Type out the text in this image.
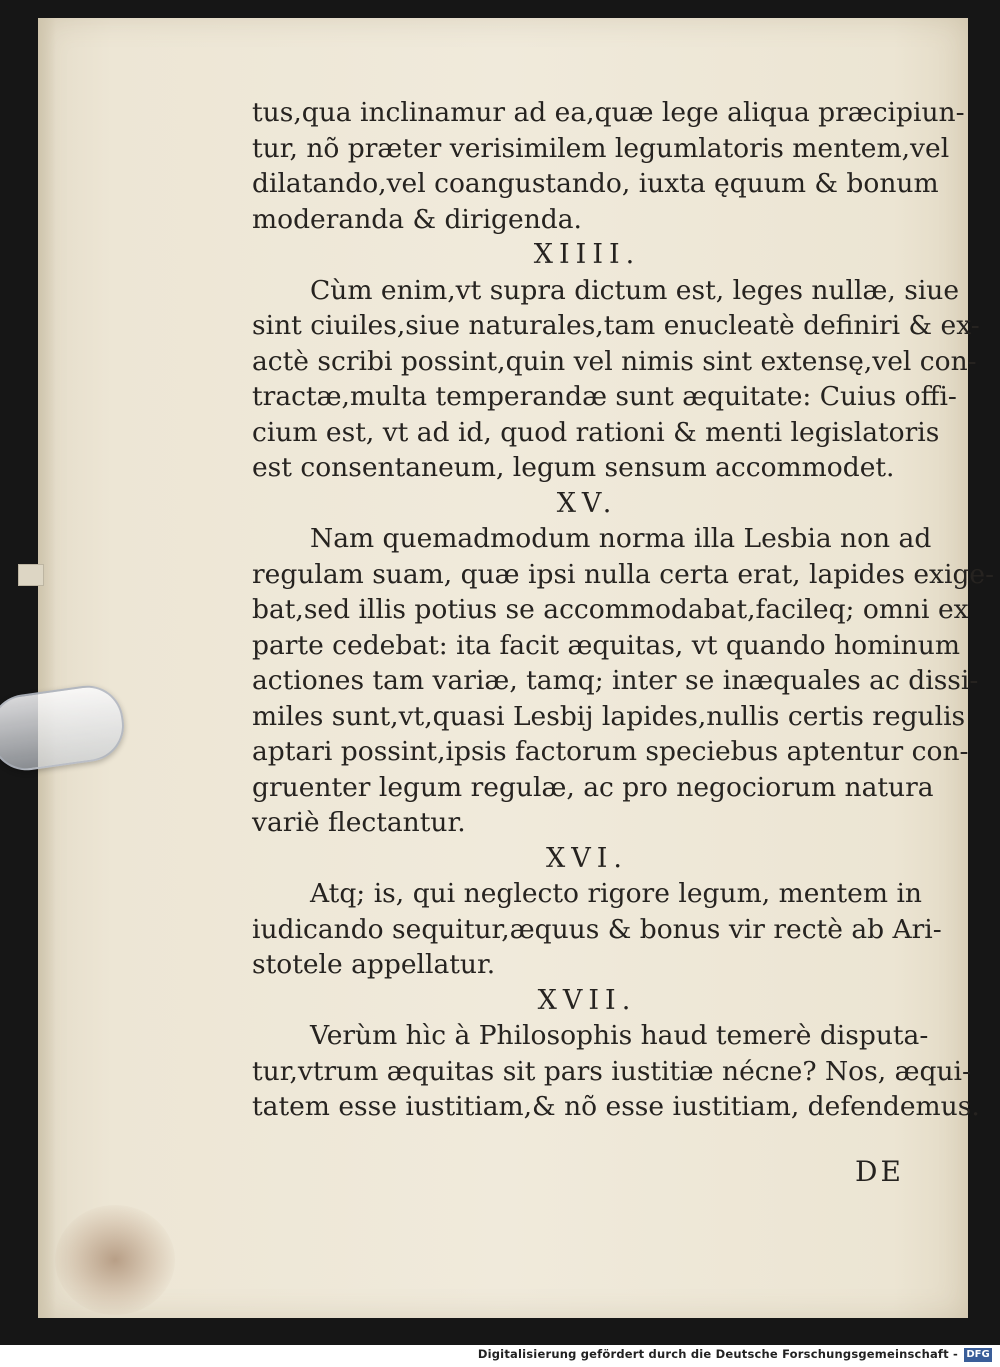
tus,qua inclinamur ad ea,quæ lege aliqua præcipiun-
tur, nõ præter verisimilem legumlatoris mentem,vel
dilatando,vel coangustando, iuxta ęquum & bonum
moderanda & dirigenda.
XIIII.
Cùm enim,vt supra dictum est, leges nullæ, siue
sint ciuiles,siue naturales,tam enucleatè definiri & ex-
actè scribi possint,quin vel nimis sint extensę,vel con-
tractæ,multa temperandæ sunt æquitate: Cuius offi-
cium est, vt ad id, quod rationi & menti legislatoris
est consentaneum, legum sensum accommodet.
XV.
Nam quemadmodum norma illa Lesbia non ad
regulam suam, quæ ipsi nulla certa erat, lapides exige-
bat,sed illis potius se accommodabat,facileq; omni ex
parte cedebat: ita facit æquitas, vt quando hominum
actiones tam variæ, tamq; inter se inæquales ac dissi-
miles sunt,vt,quasi Lesbij lapides,nullis certis regulis
aptari possint,ipsis factorum speciebus aptentur con-
gruenter legum regulæ, ac pro negociorum natura
variè flectantur.
XVI.
Atq; is, qui neglecto rigore legum, mentem in
iudicando sequitur,æquus & bonus vir rectè ab Ari-
stotele appellatur.
XVII.
Verùm hìc à Philosophis haud temerè disputa-
tur,vtrum æquitas sit pars iustitiæ nécne? Nos, æqui-
tatem esse iustitiam,& nõ esse iustitiam, defendemus.
DE
Digitalisierung gefördert durch die Deutsche Forschungsgemeinschaft - DFG
